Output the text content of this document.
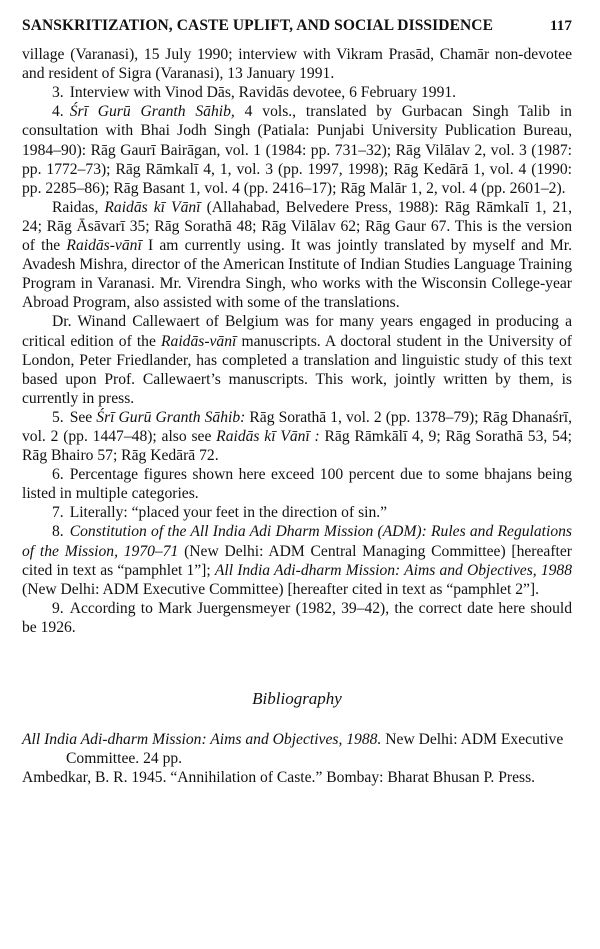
SANSKRITIZATION, CASTE UPLIFT, AND SOCIAL DISSIDENCE	117

village (Varanasi), 15 July 1990; interview with Vikram Prasād, Chamār non-devotee and resident of Sigra (Varanasi), 13 January 1991.

3. Interview with Vinod Dās, Ravidās devotee, 6 February 1991.

4. Śrī Gurū Granth Sāhib, 4 vols., translated by Gurbacan Singh Talib in consultation with Bhai Jodh Singh (Patiala: Punjabi University Publication Bureau, 1984–90): Rāg Gaurī Bairāgan, vol. 1 (1984: pp. 731–32); Rāg Vilālav 2, vol. 3 (1987: pp. 1772–73); Rāg Rāmkalī 4, 1, vol. 3 (pp. 1997, 1998); Rāg Kedārā 1, vol. 4 (1990: pp. 2285–86); Rāg Basant 1, vol. 4 (pp. 2416–17); Rāg Malār 1, 2, vol. 4 (pp. 2601–2).

Raidas, Raidās kī Vānī (Allahabad, Belvedere Press, 1988): Rāg Rāmkalī 1, 21, 24; Rāg Āsāvarī 35; Rāg Sorathā 48; Rāg Vilālav 62; Rāg Gaur 67. This is the version of the Raidās-vānī I am currently using. It was jointly translated by myself and Mr. Avadesh Mishra, director of the American Institute of Indian Studies Language Training Program in Varanasi. Mr. Virendra Singh, who works with the Wisconsin College-year Abroad Program, also assisted with some of the translations.

Dr. Winand Callewaert of Belgium was for many years engaged in producing a critical edition of the Raidās-vānī manuscripts. A doctoral student in the University of London, Peter Friedlander, has completed a translation and linguistic study of this text based upon Prof. Callewaert’s manuscripts. This work, jointly written by them, is currently in press.

5. See Śrī Gurū Granth Sāhib: Rāg Sorathā 1, vol. 2 (pp. 1378–79); Rāg Dhanaśrī, vol. 2 (pp. 1447–48); also see Raidās kī Vānī : Rāg Rāmkālī 4, 9; Rāg Sorathā 53, 54; Rāg Bhairo 57; Rāg Kedārā 72.

6. Percentage figures shown here exceed 100 percent due to some bhajans being listed in multiple categories.

7. Literally: “placed your feet in the direction of sin.”

8. Constitution of the All India Adi Dharm Mission (ADM): Rules and Regulations of the Mission, 1970–71 (New Delhi: ADM Central Managing Committee) [hereafter cited in text as “pamphlet 1”]; All India Adi-dharm Mission: Aims and Objectives, 1988 (New Delhi: ADM Executive Committee) [hereafter cited in text as “pamphlet 2”].

9. According to Mark Juergensmeyer (1982, 39–42), the correct date here should be 1926.

Bibliography

All India Adi-dharm Mission: Aims and Objectives, 1988. New Delhi: ADM Executive Committee. 24 pp.

Ambedkar, B. R. 1945. “Annihilation of Caste.” Bombay: Bharat Bhusan P. Press.
